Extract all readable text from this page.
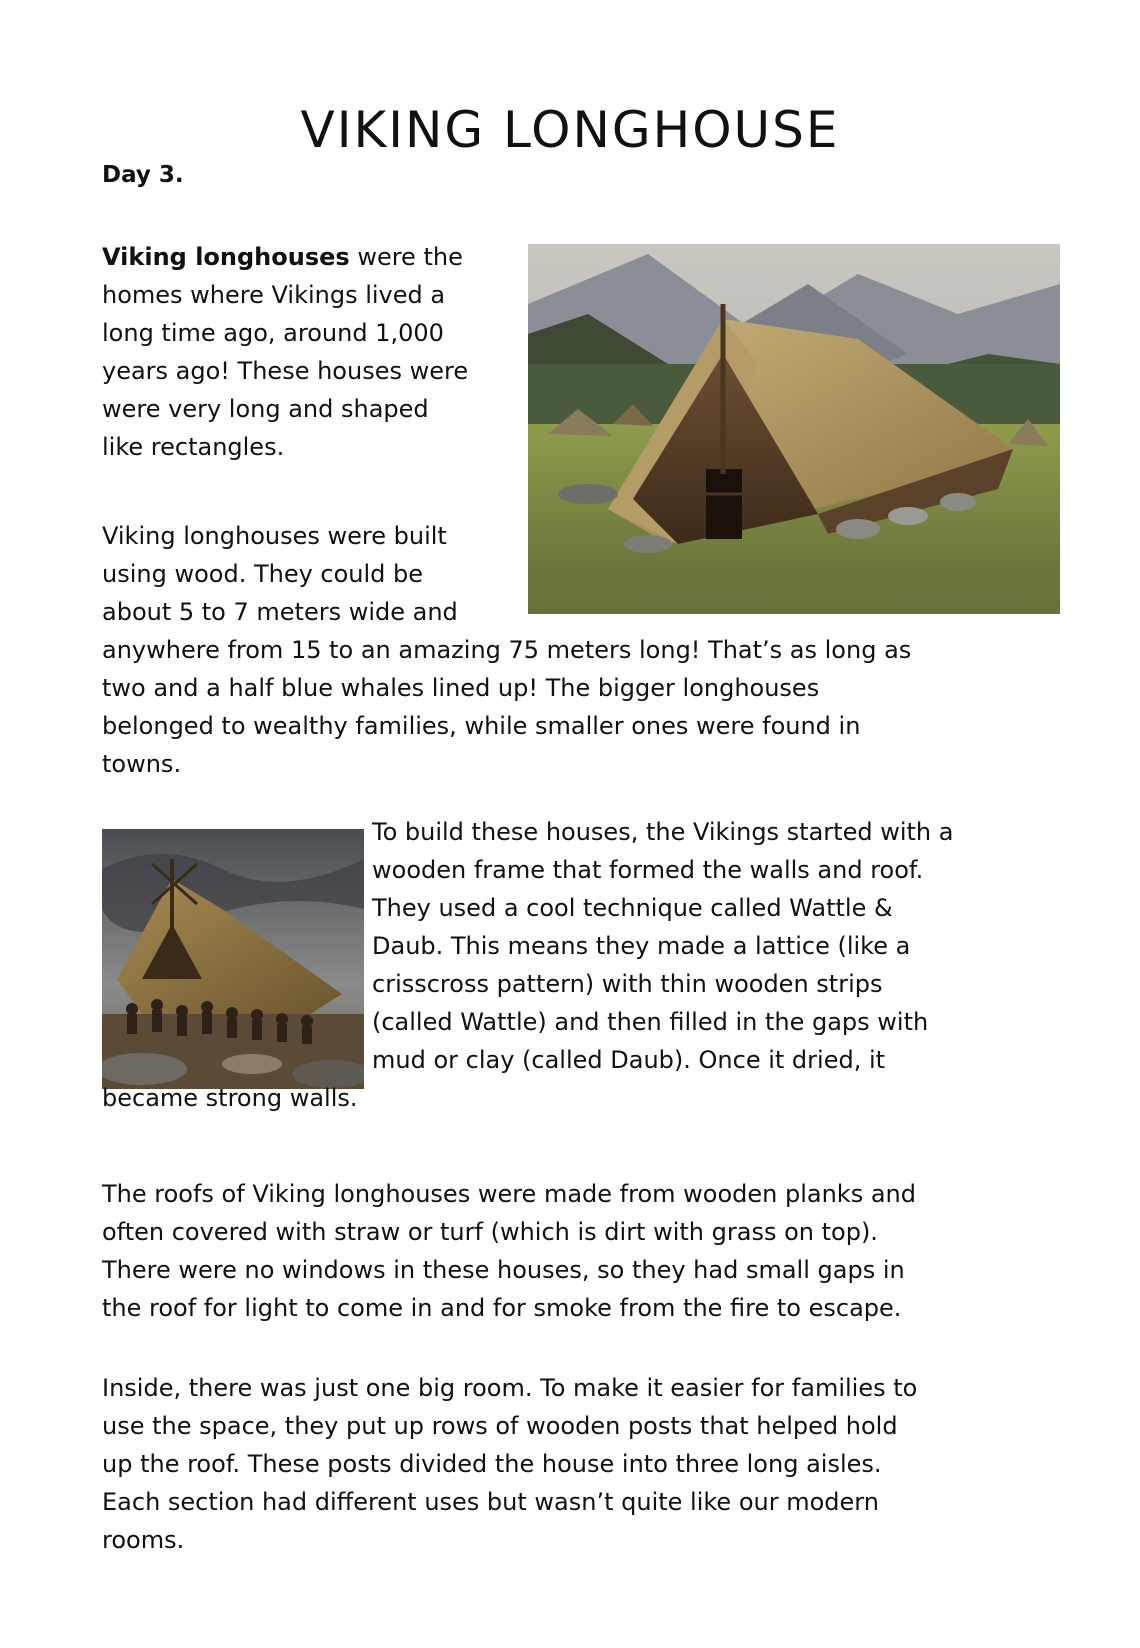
VIKING LONGHOUSE
Day 3.
Viking longhouses were the
homes where Vikings lived a
long time ago, around 1,000
years ago! These houses were
were very long and shaped
like rectangles.
Viking longhouses were built
using wood. They could be
about 5 to 7 meters wide and
anywhere from 15 to an amazing 75 meters long! That’s as long as
two and a half blue whales lined up! The bigger longhouses
belonged to wealthy families, while smaller ones were found in
towns.
To build these houses, the Vikings started with a
wooden frame that formed the walls and roof.
They used a cool technique called Wattle &
Daub. This means they made a lattice (like a
crisscross pattern) with thin wooden strips
(called Wattle) and then filled in the gaps with
mud or clay (called Daub). Once it dried, it
became strong walls.
The roofs of Viking longhouses were made from wooden planks and
often covered with straw or turf (which is dirt with grass on top).
There were no windows in these houses, so they had small gaps in
the roof for light to come in and for smoke from the fire to escape.
Inside, there was just one big room. To make it easier for families to
use the space, they put up rows of wooden posts that helped hold
up the roof. These posts divided the house into three long aisles.
Each section had different uses but wasn’t quite like our modern
rooms.
